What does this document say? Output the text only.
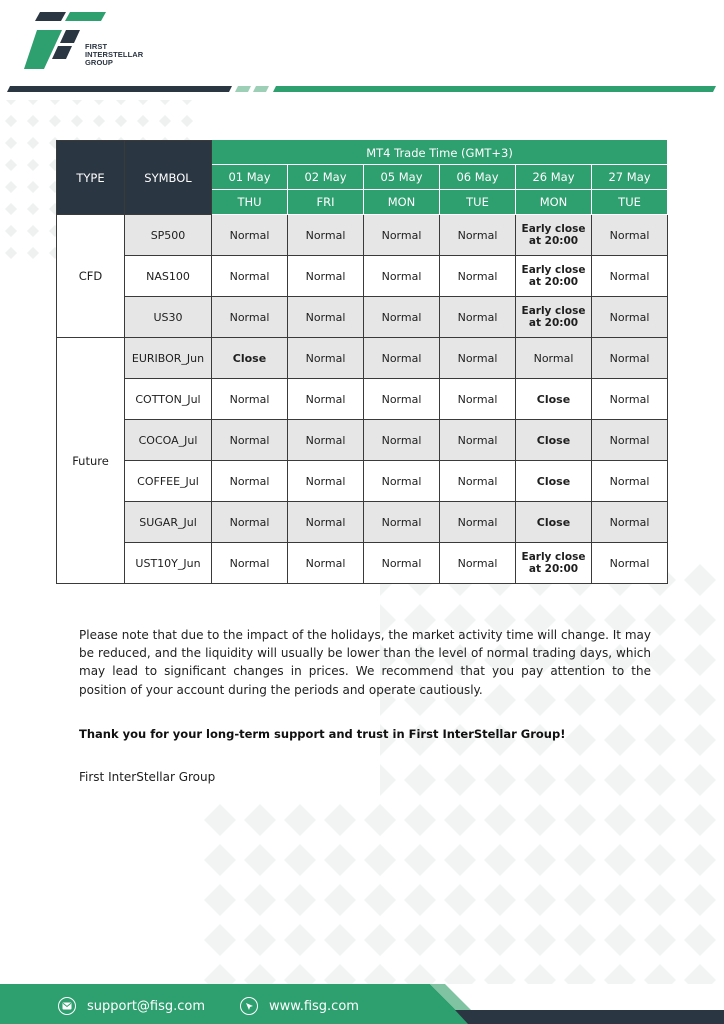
FIRST
INTERSTELLAR
GROUP
TYPE	SYMBOL	MT4 Trade Time (GMT+3)					
		01 May	02 May	05 May	06 May	26 May	27 May
		THU	FRI	MON	TUE	MON	TUE
CFD	SP500	Normal	Normal	Normal	Normal	Early close
at 20:00	Normal
	NAS100	Normal	Normal	Normal	Normal	Early close
at 20:00	Normal
	US30	Normal	Normal	Normal	Normal	Early close
at 20:00	Normal
Future	EURIBOR_Jun	Close	Normal	Normal	Normal	Normal	Normal
	COTTON_Jul	Normal	Normal	Normal	Normal	Close	Normal
	COCOA_Jul	Normal	Normal	Normal	Normal	Close	Normal
	COFFEE_Jul	Normal	Normal	Normal	Normal	Close	Normal
	SUGAR_Jul	Normal	Normal	Normal	Normal	Close	Normal
	UST10Y_Jun	Normal	Normal	Normal	Normal	Early close
at 20:00	Normal

Please note that due to the impact of the holidays, the market activity time will change. It may be reduced, and the liquidity will usually be lower than the level of normal trading days, which may lead to significant changes in prices. We recommend that you pay attention to the position of your account during the periods and operate cautiously.

Thank you for your long-term support and trust in First InterStellar Group!

First InterStellar Group

support@fisg.com	www.fisg.com
